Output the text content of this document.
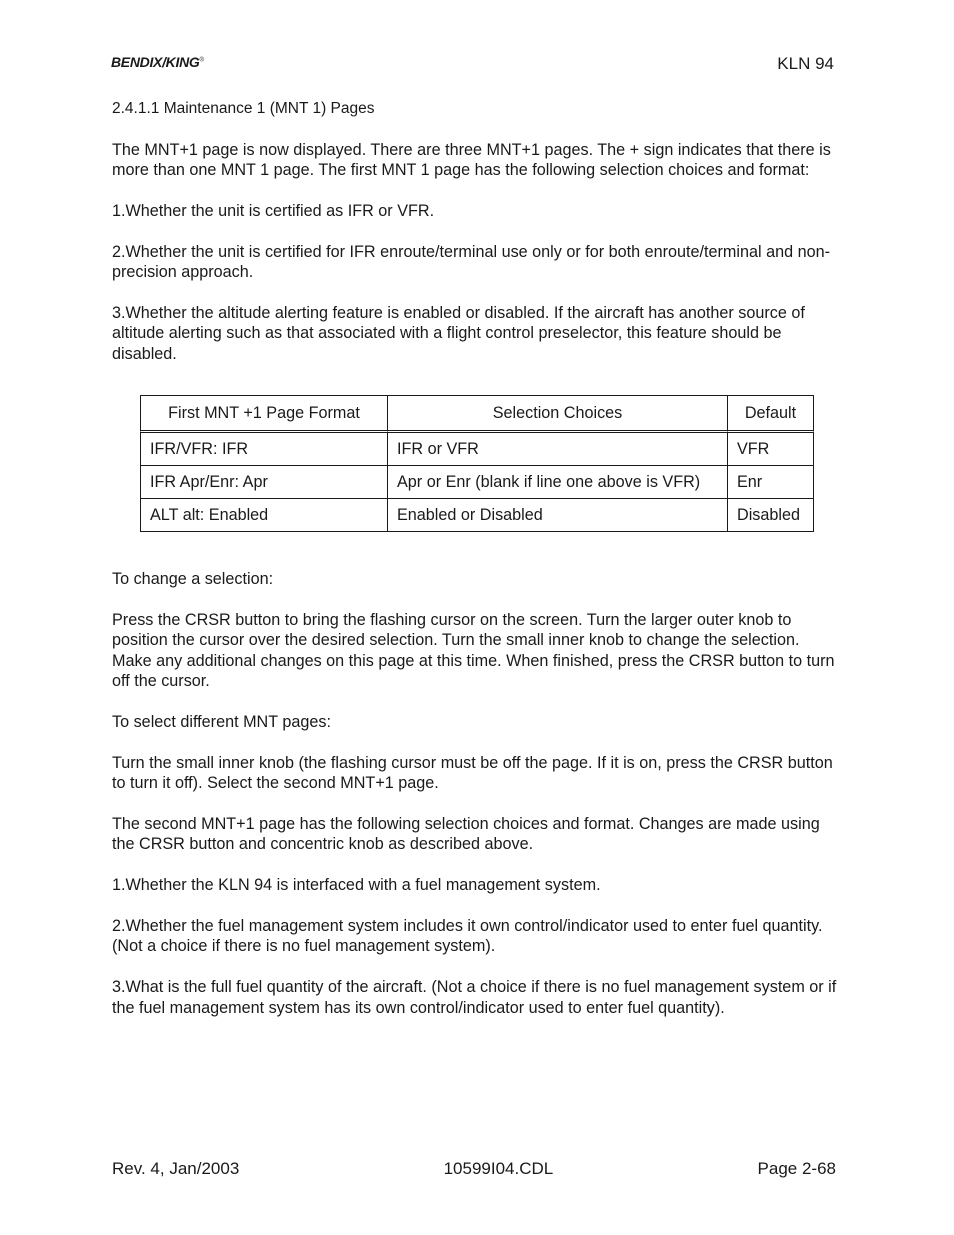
BENDIX/KING®	KLN 94

2.4.1.1 Maintenance 1 (MNT 1) Pages

The MNT+1 page is now displayed. There are three MNT+1 pages. The + sign indicates that there is more than one MNT 1 page. The first MNT 1 page has the following selection choices and format:

1.Whether the unit is certified as IFR or VFR.

2.Whether the unit is certified for IFR enroute/terminal use only or for both enroute/terminal and non-precision approach.

3.Whether the altitude alerting feature is enabled or disabled. If the aircraft has another source of altitude alerting such as that associated with a flight control preselector, this feature should be disabled.

First MNT +1 Page Format	Selection Choices	Default
IFR/VFR: IFR	IFR or VFR	VFR
IFR Apr/Enr: Apr	Apr or Enr (blank if line one above is VFR)	Enr
ALT alt: Enabled	Enabled or Disabled	Disabled

To change a selection:

Press the CRSR button to bring the flashing cursor on the screen. Turn the larger outer knob to position the cursor over the desired selection. Turn the small inner knob to change the selection. Make any additional changes on this page at this time. When finished, press the CRSR button to turn off the cursor.

To select different MNT pages:

Turn the small inner knob (the flashing cursor must be off the page. If it is on, press the CRSR button to turn it off). Select the second MNT+1 page.

The second MNT+1 page has the following selection choices and format. Changes are made using the CRSR button and concentric knob as described above.

1.Whether the KLN 94 is interfaced with a fuel management system.

2.Whether the fuel management system includes it own control/indicator used to enter fuel quantity. (Not a choice if there is no fuel management system).

3.What is the full fuel quantity of the aircraft. (Not a choice if there is no fuel management system or if the fuel management system has its own control/indicator used to enter fuel quantity).

Rev. 4, Jan/2003	10599I04.CDL	Page 2-68
